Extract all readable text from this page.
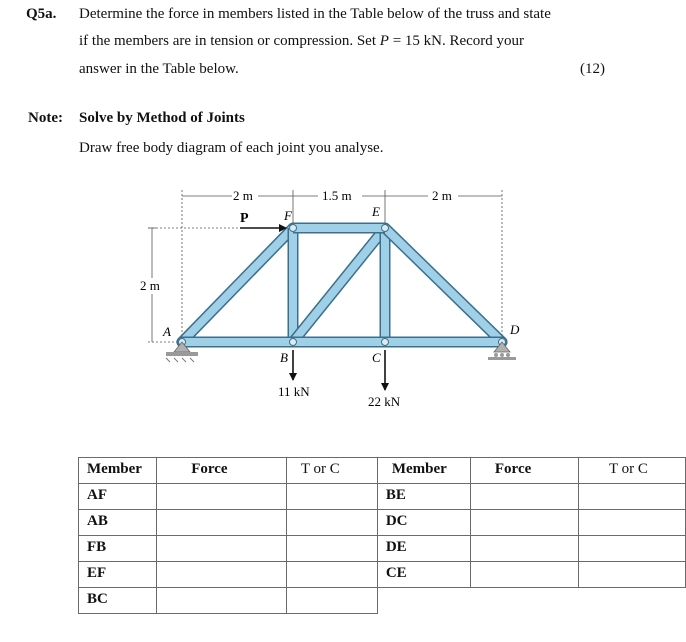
Q5a. Determine the force in members listed in the Table below of the truss and state
if the members are in tension or compression. Set P = 15 kN. Record your
answer in the Table below.	(12)
Note: Solve by Method of Joints
Draw free body diagram of each joint you analyse.
2 m	1.5 m	2 m
2 m
P
A
B	C
D
E
F
11 kN
22 kN
Member	Force	T or C	Member	Force	T or C
AF			BE		
AB			DC		
FB			DE		
EF			CE		
BC					
